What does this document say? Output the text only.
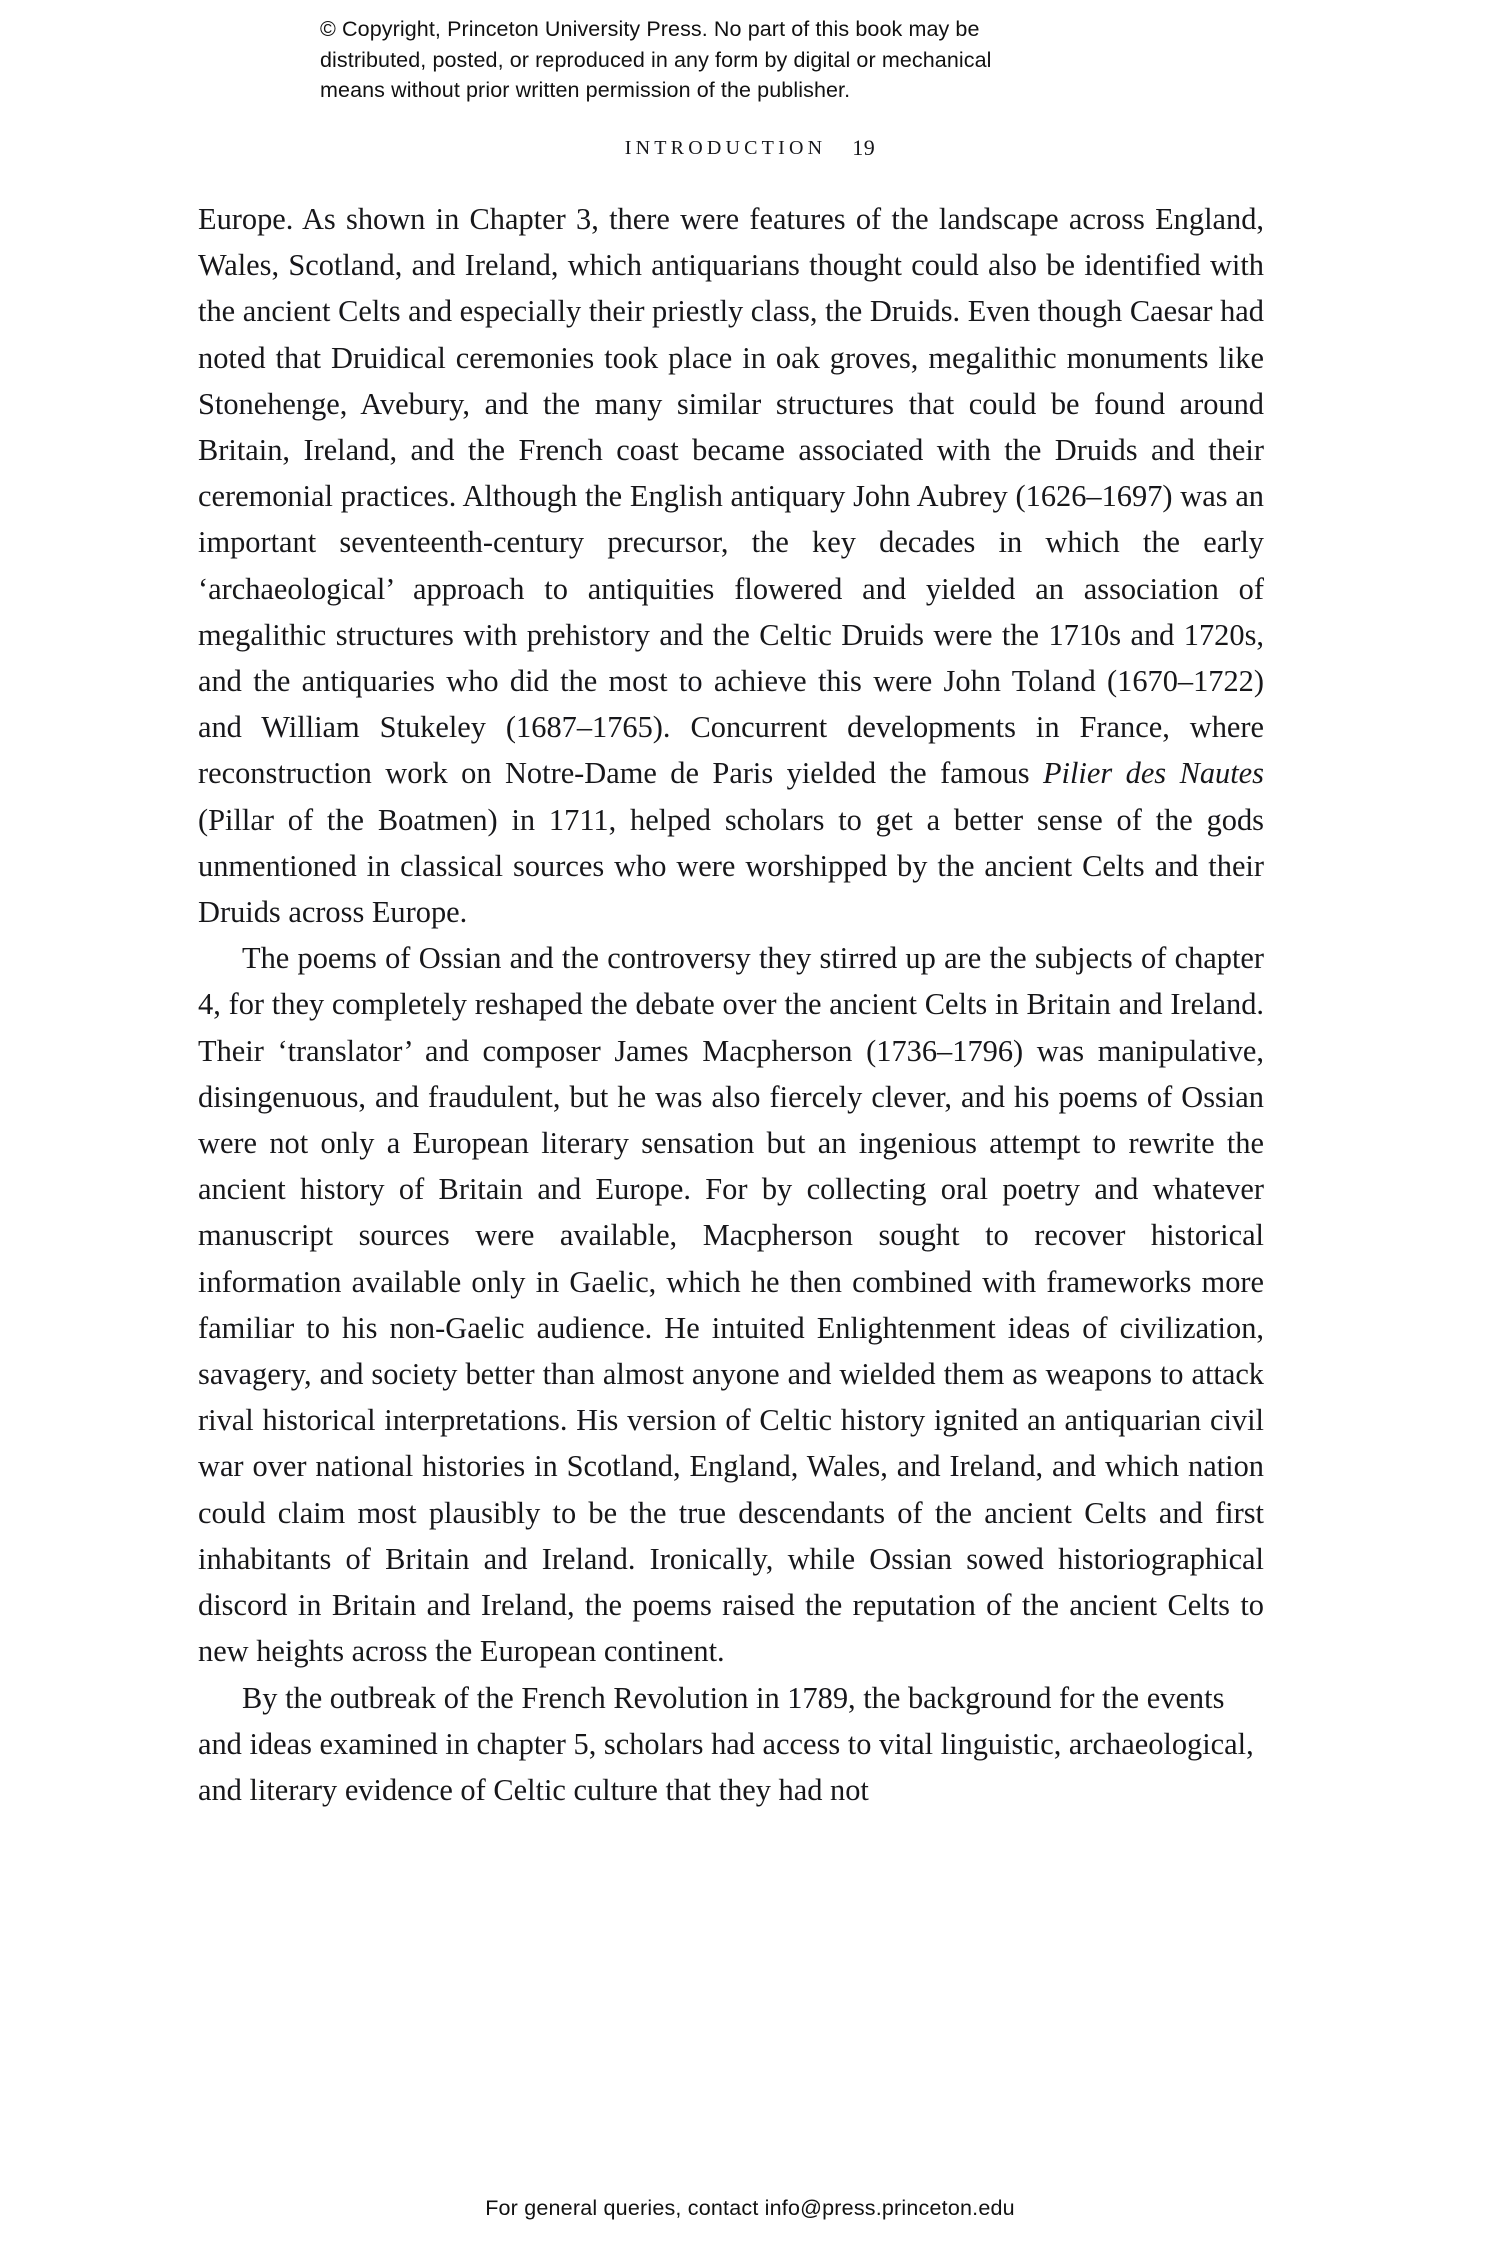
© Copyright, Princeton University Press. No part of this book may be
distributed, posted, or reproduced in any form by digital or mechanical
means without prior written permission of the publisher.
INTRODUCTION 19

Europe. As shown in Chapter 3, there were features of the landscape across England, Wales, Scotland, and Ireland, which antiquarians thought could also be identified with the ancient Celts and especially their priestly class, the Druids. Even though Caesar had noted that Druidical ceremonies took place in oak groves, megalithic monuments like Stonehenge, Avebury, and the many similar structures that could be found around Britain, Ireland, and the French coast became associated with the Druids and their ceremonial practices. Although the English antiquary John Aubrey (1626–1697) was an important seventeenth-century precursor, the key decades in which the early ‘archaeological’ approach to antiquities flowered and yielded an association of megalithic structures with prehistory and the Celtic Druids were the 1710s and 1720s, and the antiquaries who did the most to achieve this were John Toland (1670–1722) and William Stukeley (1687–1765). Concurrent developments in France, where reconstruction work on Notre-Dame de Paris yielded the famous Pilier des Nautes (Pillar of the Boatmen) in 1711, helped scholars to get a better sense of the gods unmentioned in classical sources who were worshipped by the ancient Celts and their Druids across Europe.

The poems of Ossian and the controversy they stirred up are the subjects of chapter 4, for they completely reshaped the debate over the ancient Celts in Britain and Ireland. Their ‘translator’ and composer James Macpherson (1736–1796) was manipulative, disingenuous, and fraudulent, but he was also fiercely clever, and his poems of Ossian were not only a European literary sensation but an ingenious attempt to rewrite the ancient history of Britain and Europe. For by collecting oral poetry and whatever manuscript sources were available, Macpherson sought to recover historical information available only in Gaelic, which he then combined with frameworks more familiar to his non-Gaelic audience. He intuited Enlightenment ideas of civilization, savagery, and society better than almost anyone and wielded them as weapons to attack rival historical interpretations. His version of Celtic history ignited an antiquarian civil war over national histories in Scotland, England, Wales, and Ireland, and which nation could claim most plausibly to be the true descendants of the ancient Celts and first inhabitants of Britain and Ireland. Ironically, while Ossian sowed historiographical discord in Britain and Ireland, the poems raised the reputation of the ancient Celts to new heights across the European continent.

By the outbreak of the French Revolution in 1789, the background for the events and ideas examined in chapter 5, scholars had access to vital linguistic, archaeological, and literary evidence of Celtic culture that they had not

For general queries, contact info@press.princeton.edu
